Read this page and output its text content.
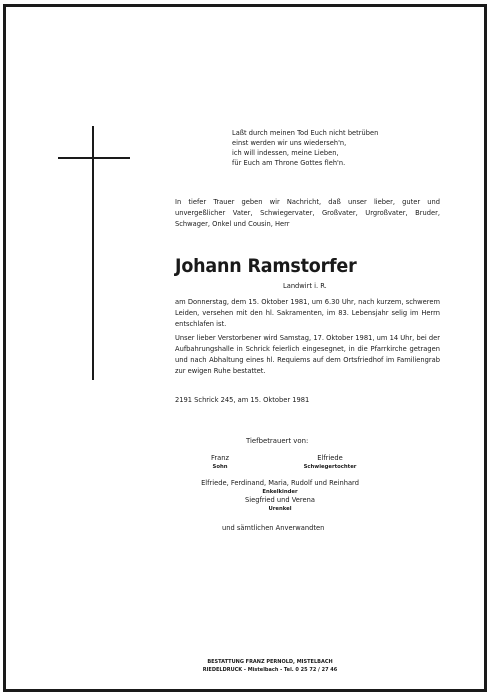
Laßt durch meinen Tod Euch nicht betrüben
einst werden wir uns wiederseh'n,
ich will indessen, meine Lieben,
für Euch am Throne Gottes fleh'n.
In tiefer Trauer geben wir Nachricht, daß unser lieber, guter und unvergeßlicher Vater, Schwiegervater, Großvater, Urgroßvater, Bruder, Schwager, Onkel und Cousin, Herr
Johann Ramstorfer
Landwirt i. R.
am Donnerstag, dem 15. Oktober 1981, um 6.30 Uhr, nach kurzem, schwerem Leiden, versehen mit den hl. Sakramenten, im 83. Lebensjahr selig im Herrn entschlafen ist.
Unser lieber Verstorbener wird Samstag, 17. Oktober 1981, um 14 Uhr, bei der Aufbahrungshalle in Schrick feierlich eingesegnet, in die Pfarrkirche getragen und nach Abhaltung eines hl. Requiems auf dem Ortsfriedhof im Familiengrab zur ewigen Ruhe bestattet.
2191 Schrick 245, am 15. Oktober 1981
Tiefbetrauert von:
Franz
Sohn
Elfriede
Schwiegertochter
Elfriede, Ferdinand, Maria, Rudolf und Reinhard
Enkelkinder
Siegfried und Verena
Urenkel
und sämtlichen Anverwandten
BESTATTUNG FRANZ PERNOLD, MISTELBACH
RIEDELDRUCK - Mistelbach - Tel. 0 25 72 / 27 46
